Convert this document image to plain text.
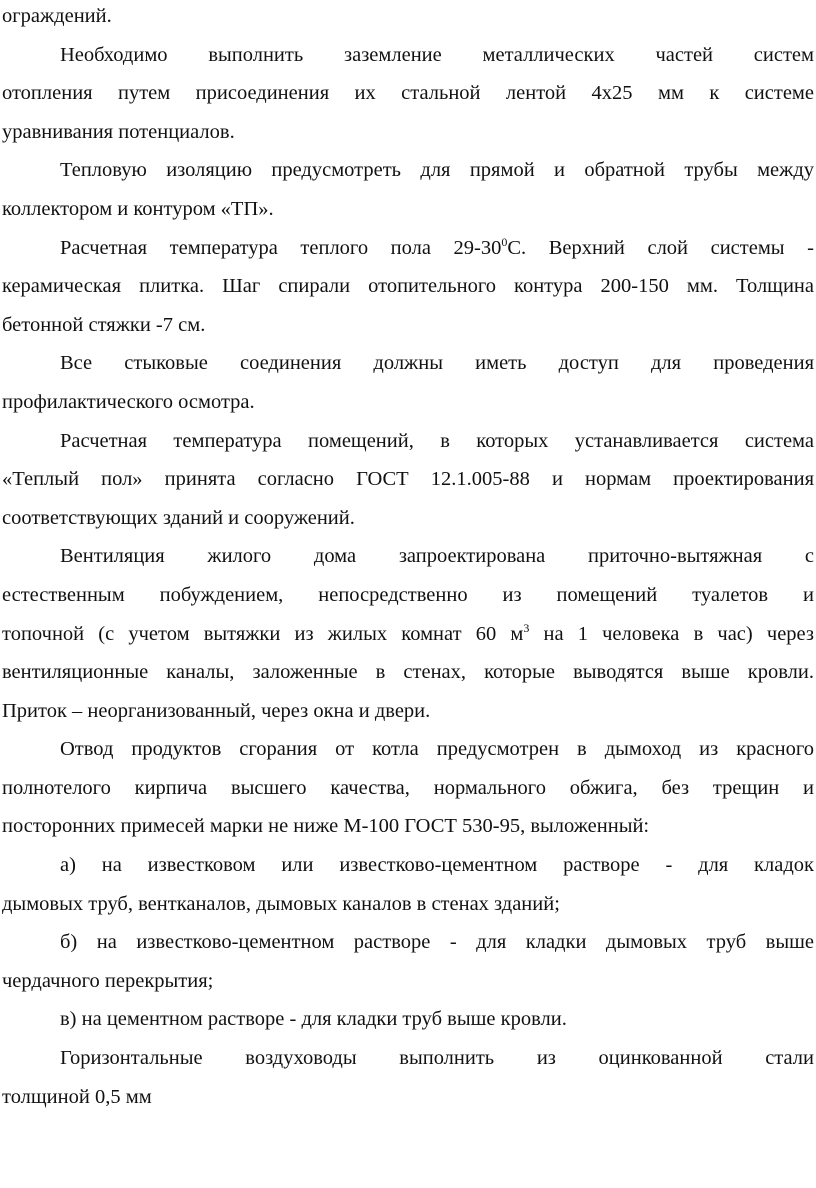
ограждений.
Необходимо выполнить заземление металлических частей систем
отопления путем присоединения их стальной лентой 4х25 мм к системе
уравнивания потенциалов.
Тепловую изоляцию предусмотреть для прямой и обратной трубы между
коллектором и контуром «ТП».
Расчетная температура теплого пола $29-30^0С$. Верхний слой системы -
керамическая плитка. Шаг спирали отопительного контура 200-150 мм. Толщина
бетонной стяжки -7 см.
Все стыковые соединения должны иметь доступ для проведения
профилактического осмотра.
Расчетная температура помещений, в которых устанавливается система
«Теплый пол» принята согласно ГОСТ 12.1.005-88 и нормам проектирования
соответствующих зданий и сооружений.
Вентиляция жилого дома запроектирована приточно-вытяжная с
естественным побуждением, непосредственно из помещений туалетов и
топочной (с учетом вытяжки из жилых комнат 60 $м^3$ на 1 человека в час) через
вентиляционные каналы, заложенные в стенах, которые выводятся выше кровли.
Приток – неорганизованный, через окна и двери.
Отвод продуктов сгорания от котла предусмотрен в дымоход из красного
полнотелого кирпича высшего качества, нормального обжига, без трещин и
посторонних примесей марки не ниже М-100 ГОСТ 530-95, выложенный:
а) на известковом или известково-цементном растворе - для кладок
дымовых труб, вентканалов, дымовых каналов в стенах зданий;
б) на известково-цементном растворе - для кладки дымовых труб выше
чердачного перекрытия;
в) на цементном растворе - для кладки труб выше кровли.
Горизонтальные воздуховоды выполнить из оцинкованной стали
толщиной 0,5 мм
